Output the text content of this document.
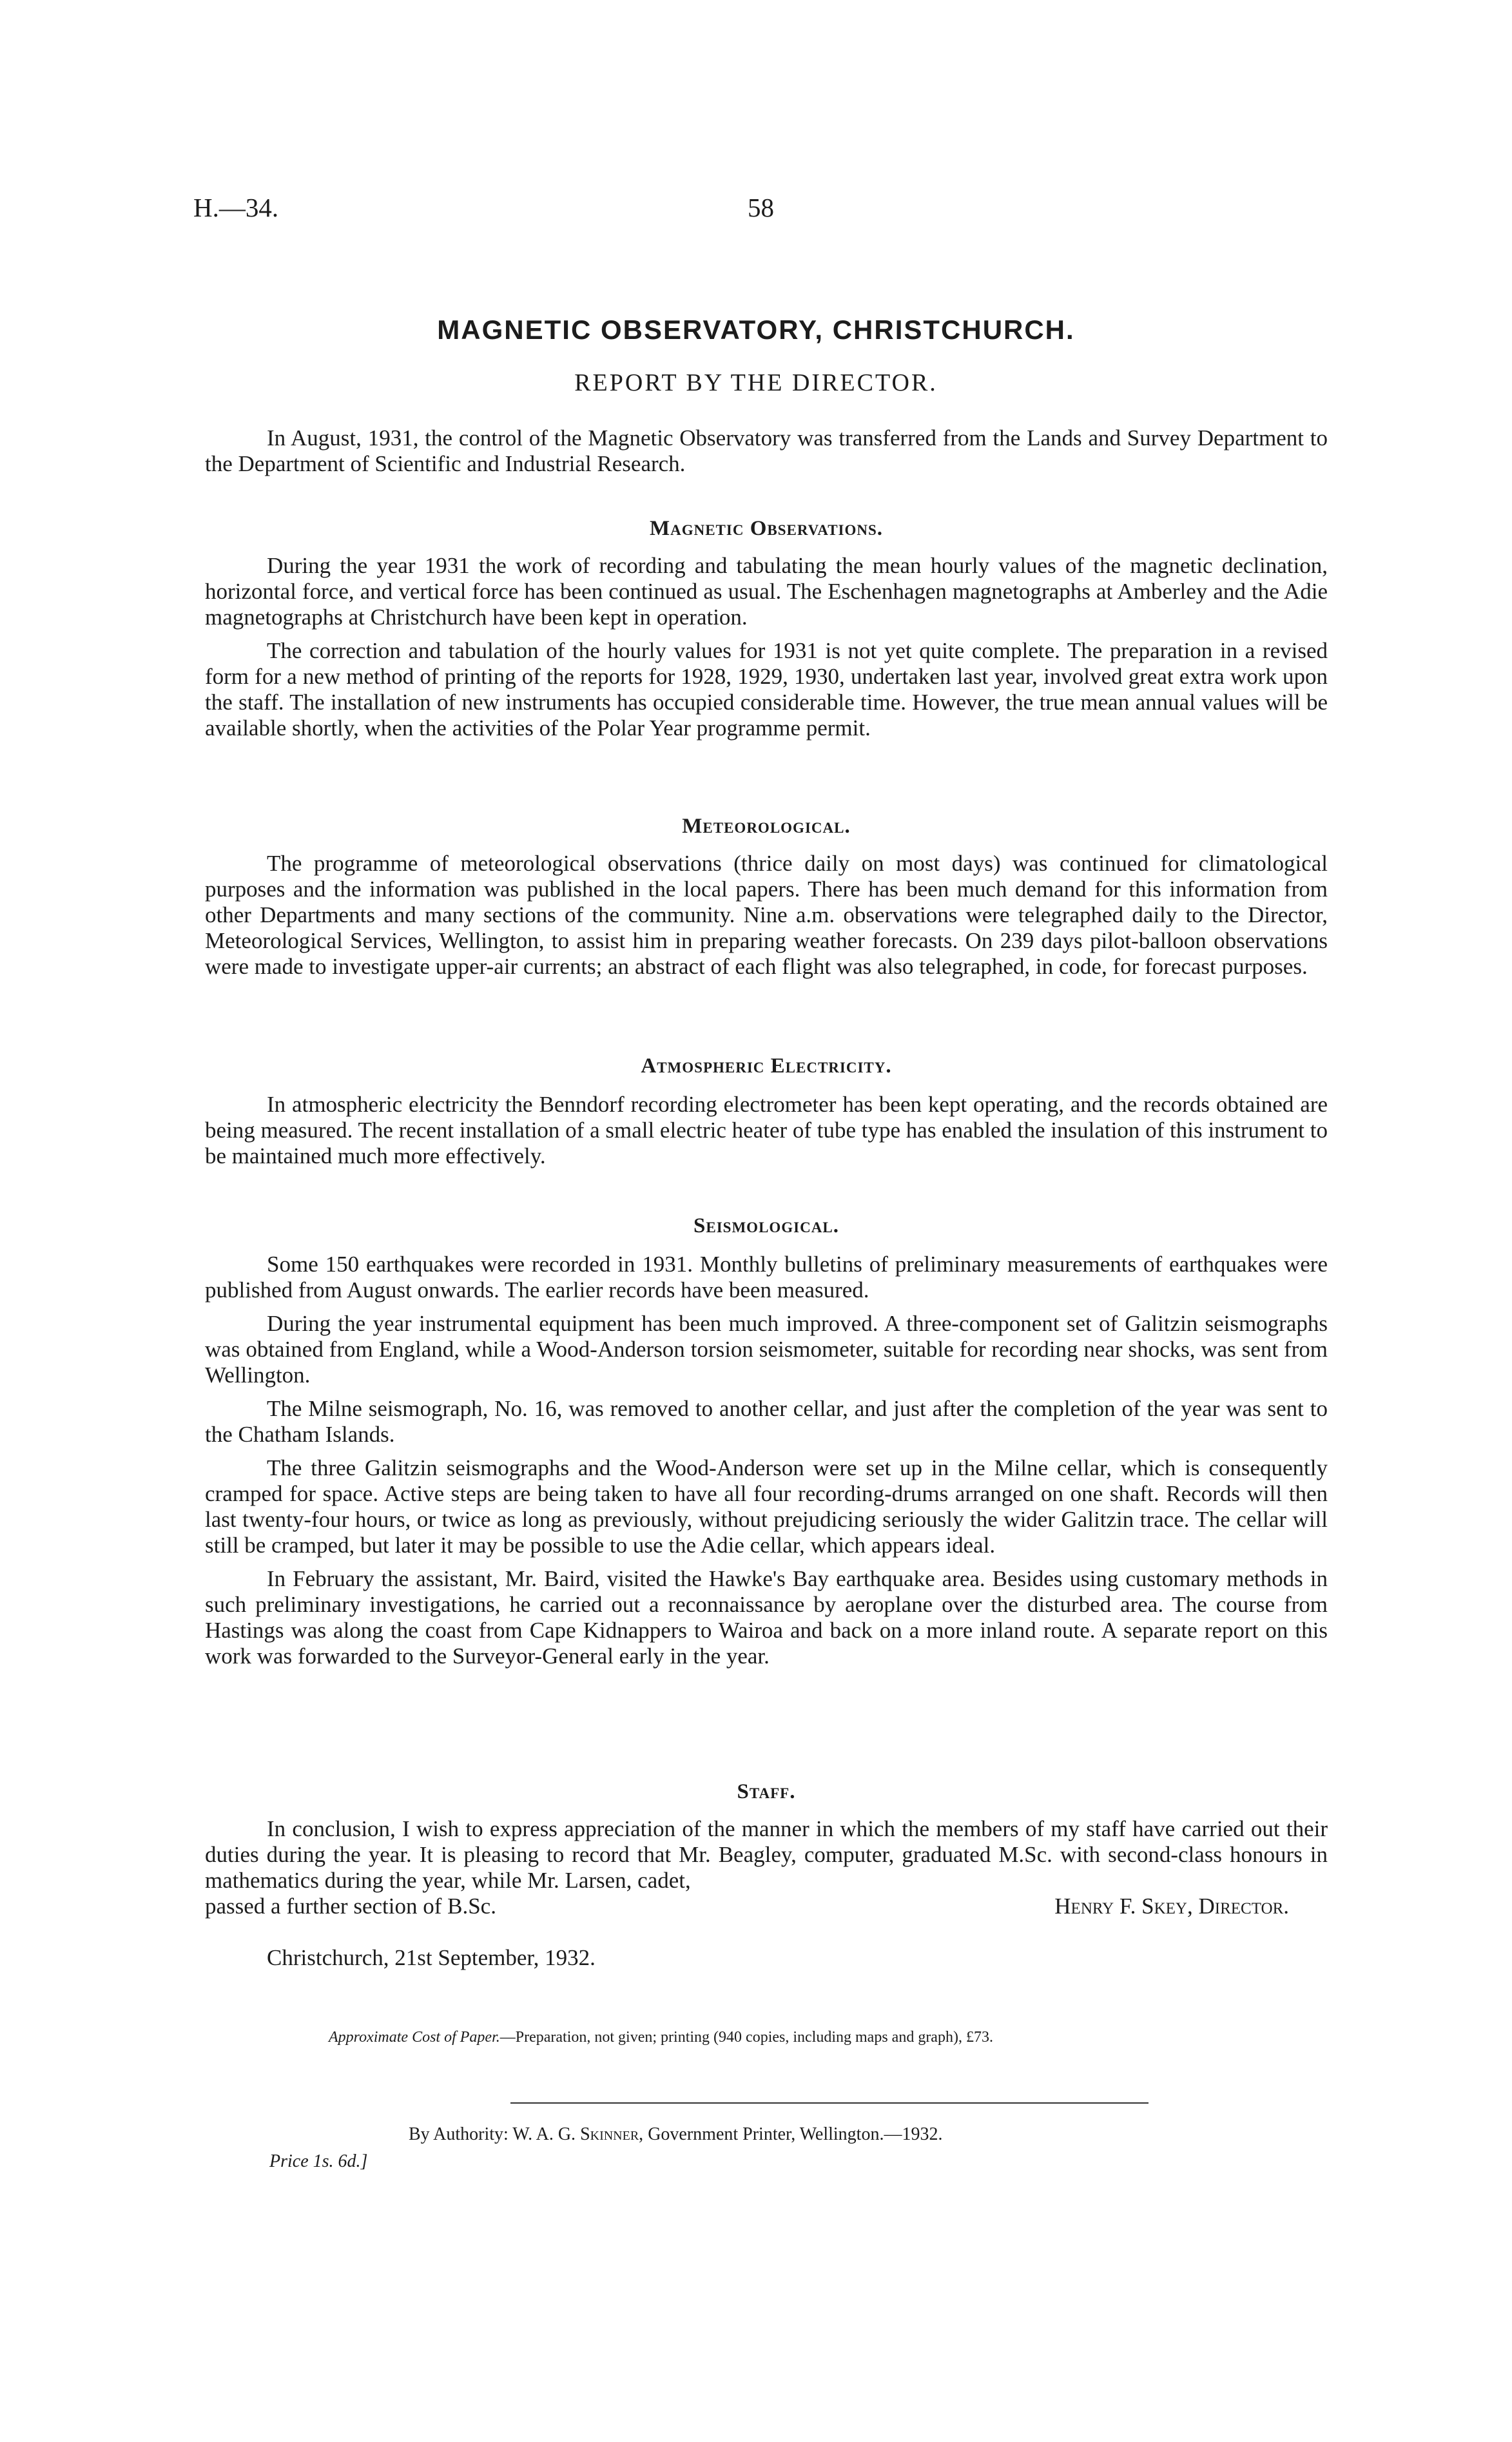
H.—34.	58
MAGNETIC OBSERVATORY, CHRISTCHURCH.
REPORT BY THE DIRECTOR.

In August, 1931, the control of the Magnetic Observatory was transferred from the Lands and Survey Department to the Department of Scientific and Industrial Research.

Magnetic Observations.

During the year 1931 the work of recording and tabulating the mean hourly values of the magnetic declination, horizontal force, and vertical force has been continued as usual. The Eschenhagen magnetographs at Amberley and the Adie magnetographs at Christchurch have been kept in operation.

The correction and tabulation of the hourly values for 1931 is not yet quite complete. The preparation in a revised form for a new method of printing of the reports for 1928, 1929, 1930, undertaken last year, involved great extra work upon the staff. The installation of new instruments has occupied considerable time. However, the true mean annual values will be available shortly, when the activities of the Polar Year programme permit.

Meteorological.

The programme of meteorological observations (thrice daily on most days) was continued for climatological purposes and the information was published in the local papers. There has been much demand for this information from other Departments and many sections of the community. Nine a.m. observations were telegraphed daily to the Director, Meteorological Services, Wellington, to assist him in preparing weather forecasts. On 239 days pilot-balloon observations were made to investigate upper-air currents; an abstract of each flight was also telegraphed, in code, for forecast purposes.

Atmospheric Electricity.

In atmospheric electricity the Benndorf recording electrometer has been kept operating, and the records obtained are being measured. The recent installation of a small electric heater of tube type has enabled the insulation of this instrument to be maintained much more effectively.

Seismological.

Some 150 earthquakes were recorded in 1931. Monthly bulletins of preliminary measurements of earthquakes were published from August onwards. The earlier records have been measured.

During the year instrumental equipment has been much improved. A three-component set of Galitzin seismographs was obtained from England, while a Wood-Anderson torsion seismometer, suitable for recording near shocks, was sent from Wellington.

The Milne seismograph, No. 16, was removed to another cellar, and just after the completion of the year was sent to the Chatham Islands.

The three Galitzin seismographs and the Wood-Anderson were set up in the Milne cellar, which is consequently cramped for space. Active steps are being taken to have all four recording-drums arranged on one shaft. Records will then last twenty-four hours, or twice as long as previously, without prejudicing seriously the wider Galitzin trace. The cellar will still be cramped, but later it may be possible to use the Adie cellar, which appears ideal.

In February the assistant, Mr. Baird, visited the Hawke's Bay earthquake area. Besides using customary methods in such preliminary investigations, he carried out a reconnaissance by aeroplane over the disturbed area. The course from Hastings was along the coast from Cape Kidnappers to Wairoa and back on a more inland route. A separate report on this work was forwarded to the Surveyor-General early in the year.

Staff.

In conclusion, I wish to express appreciation of the manner in which the members of my staff have carried out their duties during the year. It is pleasing to record that Mr. Beagley, computer, graduated M.Sc. with second-class honours in mathematics during the year, while Mr. Larsen, cadet,

passed a further section of B.Sc.	Henry F. Skey, Director.

Christchurch, 21st September, 1932.

Approximate Cost of Paper.—Preparation, not given; printing (940 copies, including maps and graph), £73.
By Authority: W. A. G. Skinner, Government Printer, Wellington.—1932.
Price 1s. 6d.]
